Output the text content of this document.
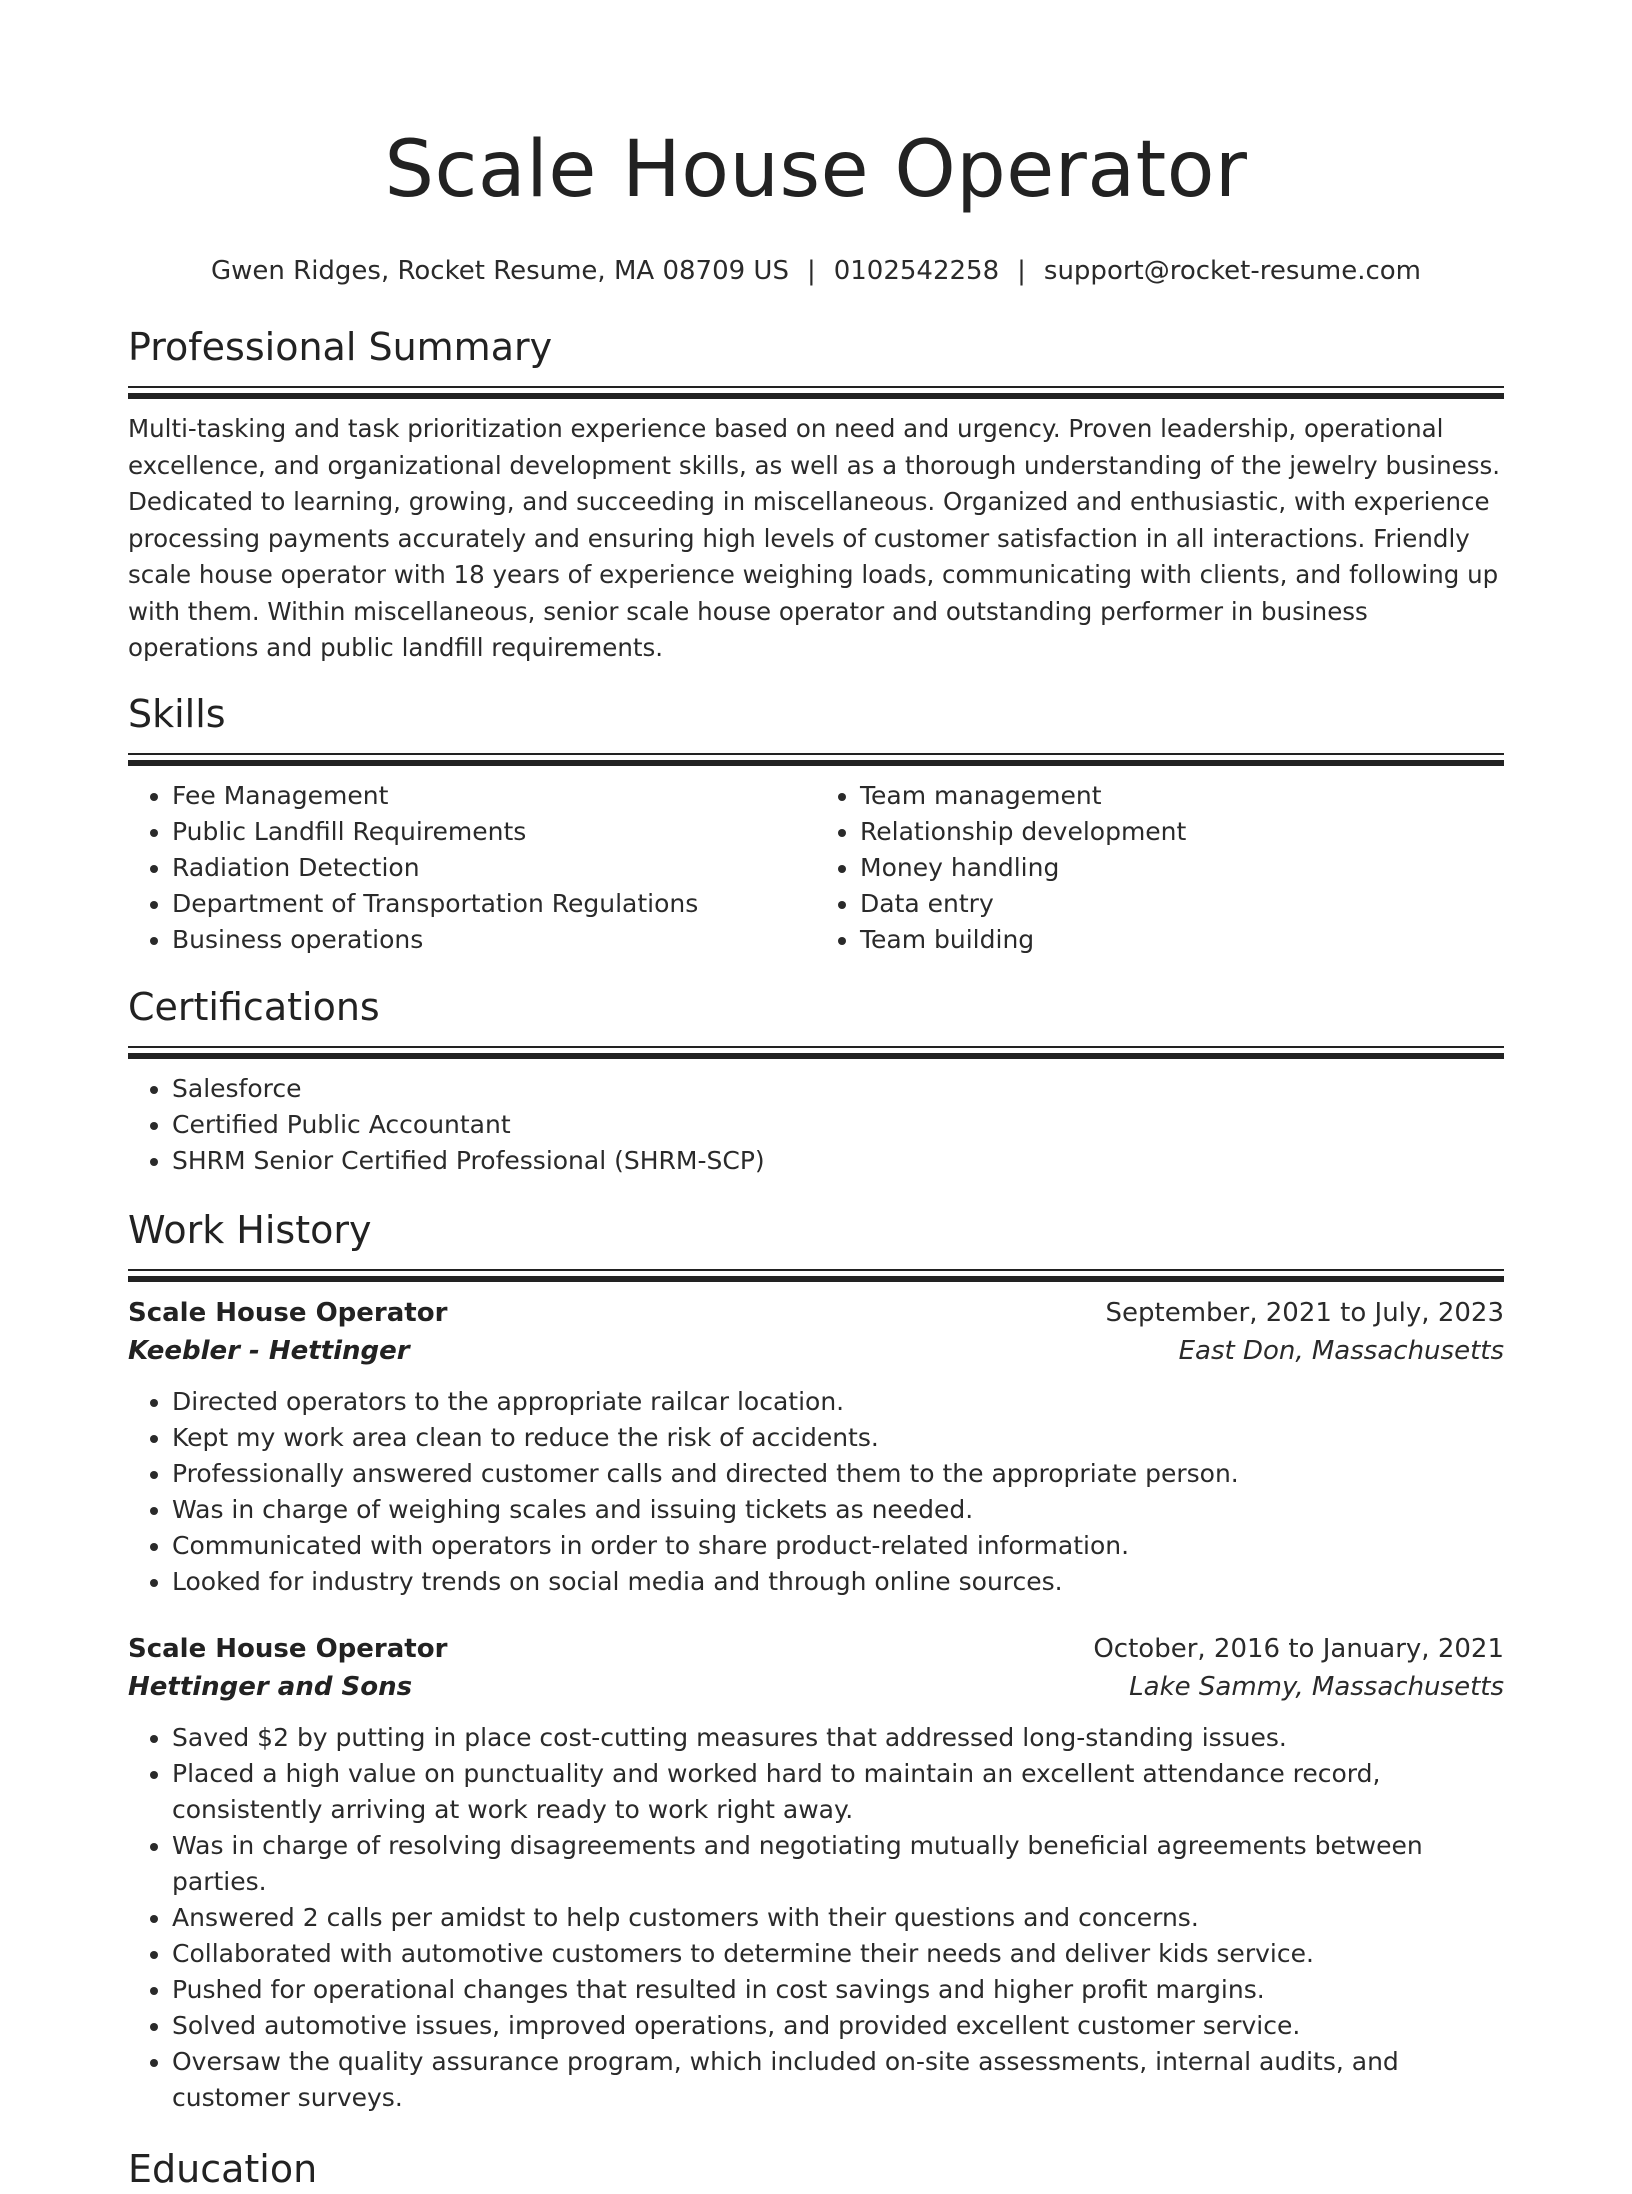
Scale House Operator
Gwen Ridges, Rocket Resume, MA 08709 US | 0102542258 | support@rocket-resume.com
Professional Summary

Multi-tasking and task prioritization experience based on need and urgency. Proven leadership, operational excellence, and organizational development skills, as well as a thorough understanding of the jewelry business. Dedicated to learning, growing, and succeeding in miscellaneous. Organized and enthusiastic, with experience processing payments accurately and ensuring high levels of customer satisfaction in all interactions. Friendly scale house operator with 18 years of experience weighing loads, communicating with clients, and following up with them. Within miscellaneous, senior scale house operator and outstanding performer in business operations and public landfill requirements.

Skills
• Fee Management
• Public Landfill Requirements
• Radiation Detection
• Department of Transportation Regulations
• Business operations
• Team management
• Relationship development
• Money handling
• Data entry
• Team building
Certifications
• Salesforce
• Certified Public Accountant
• SHRM Senior Certified Professional (SHRM-SCP)
Work History
Scale House Operator	September, 2021 to July, 2023
Keebler - Hettinger	East Don, Massachusetts
• Directed operators to the appropriate railcar location.
• Kept my work area clean to reduce the risk of accidents.
• Professionally answered customer calls and directed them to the appropriate person.
• Was in charge of weighing scales and issuing tickets as needed.
• Communicated with operators in order to share product-related information.
• Looked for industry trends on social media and through online sources.
Scale House Operator	October, 2016 to January, 2021
Hettinger and Sons	Lake Sammy, Massachusetts
• Saved $2 by putting in place cost-cutting measures that addressed long-standing issues.
• Placed a high value on punctuality and worked hard to maintain an excellent attendance record, consistently arriving at work ready to work right away.
• Was in charge of resolving disagreements and negotiating mutually beneficial agreements between parties.
• Answered 2 calls per amidst to help customers with their questions and concerns.
• Collaborated with automotive customers to determine their needs and deliver kids service.
• Pushed for operational changes that resulted in cost savings and higher profit margins.
• Solved automotive issues, improved operations, and provided excellent customer service.
• Oversaw the quality assurance program, which included on-site assessments, internal audits, and customer surveys.
Education
